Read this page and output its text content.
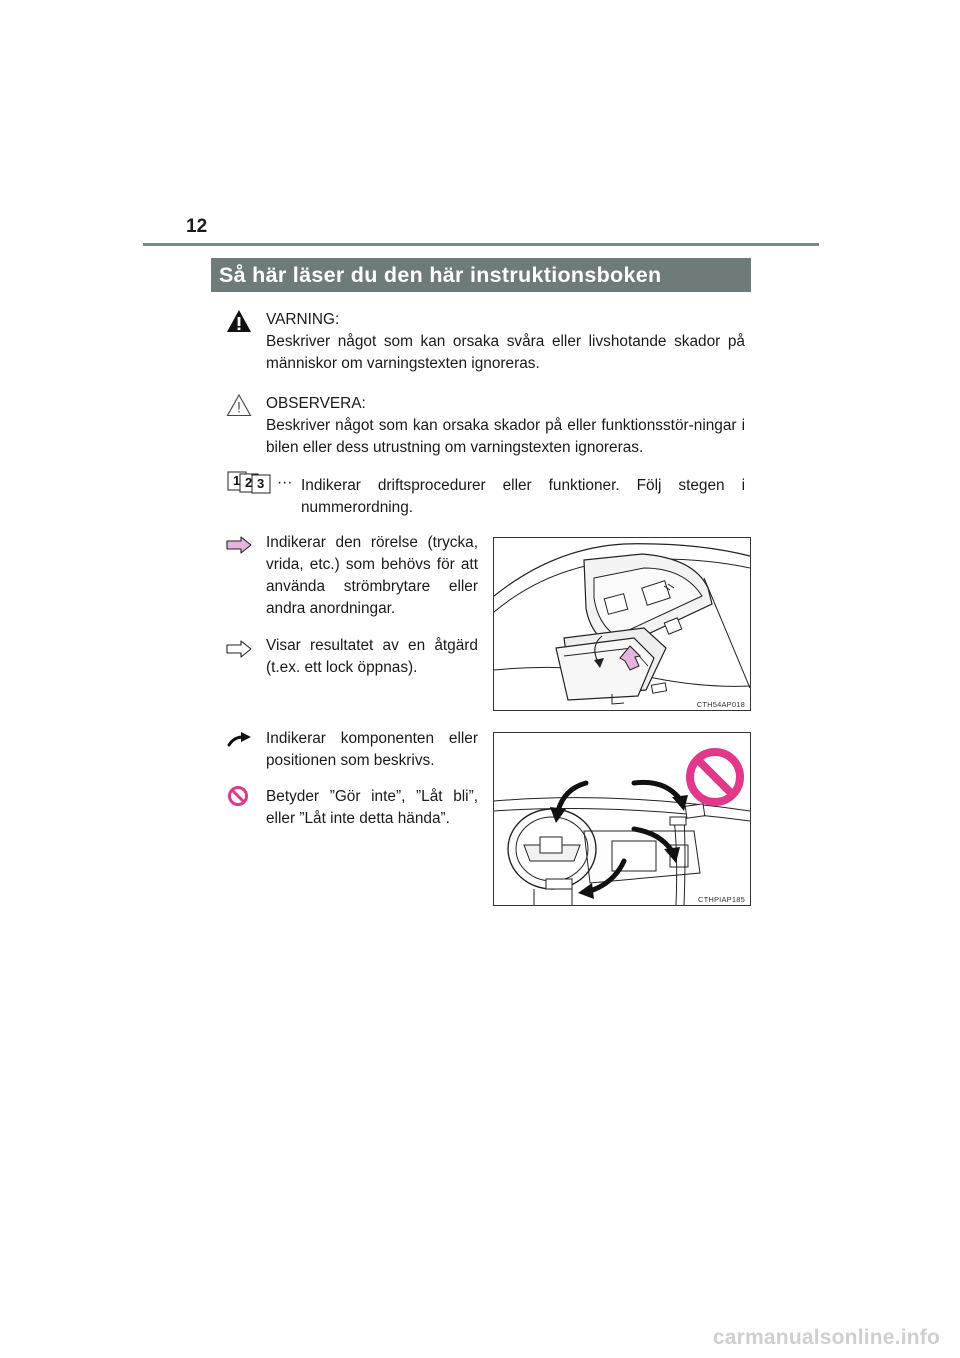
12
Så här läser du den här instruktionsboken
VARNING:
Beskriver något som kan orsaka svåra eller livshotande skador på människor om varningstexten ignoreras.
OBSERVERA:
Beskriver något som kan orsaka skador på eller funktionsstör-ningar i bilen eller dess utrustning om varningstexten ignoreras.
1 2 3 ··· Indikerar driftsprocedurer eller funktioner. Följ stegen i nummerordning.
Indikerar den rörelse (trycka, vrida, etc.) som behövs för att använda strömbrytare eller andra anordningar.
Visar resultatet av en åtgärd (t.ex. ett lock öppnas).
CTH54AP018
Indikerar komponenten eller positionen som beskrivs.
Betyder ”Gör inte”, ”Låt bli”, eller ”Låt inte detta hända”.
CTHPIAP185
carmanualsonline.info
